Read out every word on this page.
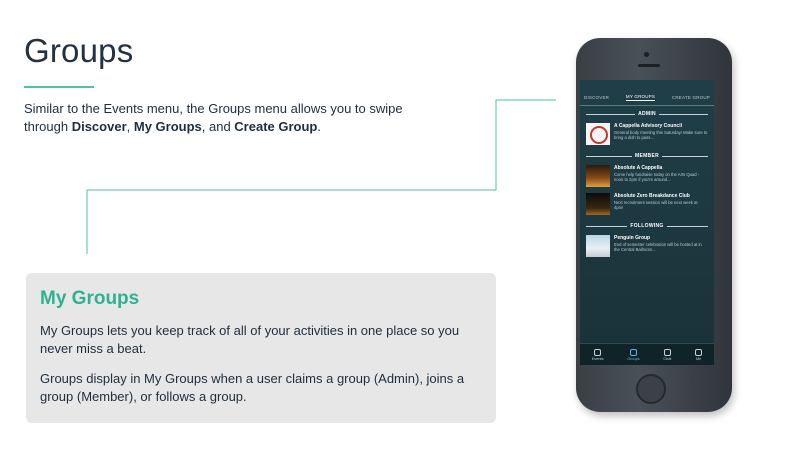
Groups

Similar to the Events menu, the Groups menu allows you to swipe through Discover, My Groups, and Create Group.

My Groups

My Groups lets you keep track of all of your activities in one place so you never miss a beat.

Groups display in My Groups when a user claims a group (Admin), joins a group (Member), or follows a group.

DISCOVER	MY GROUPS	CREATE GROUP
ADMIN
A Cappella Advisory Council
General body meeting this Saturday! Make sure to bring a dish to pass...
MEMBER
Absolute A Cappella
Come help fundraise today on the Arts Quad - noon to 2pm if you're around...
Absolute Zero Breakdance Club
Next recruitment session will be next week at 4pm!
FOLLOWING
Penguin Group
End of semester celebration will be hosted at in the Central Ballroom...
Events	Groups	Chat	Me
